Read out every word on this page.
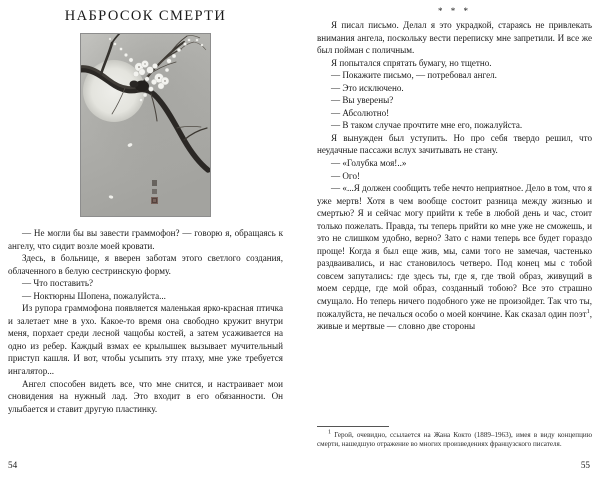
НАБРОСОК СМЕРТИ

— Не могли бы вы завести граммофон? — говорю я, обращаясь к ангелу, что сидит возле моей кровати.

Здесь, в больнице, я вверен заботам этого светлого создания, облаченного в белую сестринскую форму.

— Что поставить?

— Ноктюрны Шопена, пожалуйста...

Из рупора граммофона появляется маленькая ярко-красная птичка и залетает мне в ухо. Какое-то время она свободно кружит внутри меня, порхает среди лесной чащобы костей, а затем усаживается на одно из ребер. Каждый взмах ее крылышек вызывает мучительный приступ кашля. И вот, чтобы усыпить эту птаху, мне уже требуется ингалятор...

Ангел способен видеть все, что мне снится, и настраивает мои сновидения на нужный лад. Это входит в его обязанности. Он улыбается и ставит другую пластинку.

54
* * *

Я писал письмо. Делал я это украдкой, стараясь не привлекать внимания ангела, поскольку вести переписку мне запретили. И все же был пойман с поличным.

Я попытался спрятать бумагу, но тщетно.

— Покажите письмо, — потребовал ангел.

— Это исключено.

— Вы уверены?

— Абсолютно!

— В таком случае прочтите мне его, пожалуйста.

Я вынужден был уступить. Но про себя твердо решил, что неудачные пассажи вслух зачитывать не стану.

— «Голубка моя!..»

— Ого!

— «...Я должен сообщить тебе нечто неприятное. Дело в том, что я уже мертв! Хотя в чем вообще состоит разница между жизнью и смертью? Я и сейчас могу прийти к тебе в любой день и час, стоит только пожелать. Правда, ты теперь прийти ко мне уже не сможешь, и это не слишком удобно, верно? Зато с нами теперь все будет гораздо проще! Когда я был еще жив, мы, сами того не замечая, частенько раздваивались, и нас становилось четверо. Под конец мы с тобой совсем запутались: где здесь ты, где я, где твой образ, живущий в моем сердце, где мой образ, созданный тобою? Все это страшно смущало. Но теперь ничего подобного уже не произойдет. Так что ты, пожалуйста, не печалься особо о моей кончине. Как сказал один поэт$^1$, живые и мертвые — словно две стороны

$^1$ Герой, очевидно, ссылается на Жана Кокто (1889–1963), имея в виду концепцию смерти, нашедшую отражение во многих произведениях французского писателя.

55
